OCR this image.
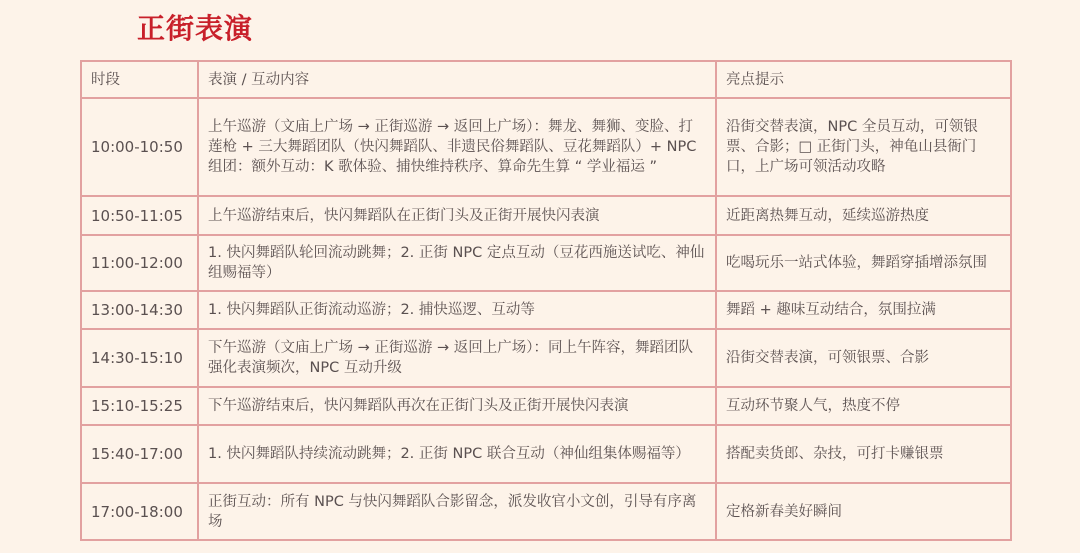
正街表演
时段	表演 / 互动内容	亮点提示
10:00-10:50	上午巡游（文庙上广场 → 正街巡游 → 返回上广场）：舞龙、舞狮、变脸、打莲枪 + 三大舞蹈团队（快闪舞蹈队、非遗民俗舞蹈队、豆花舞蹈队）+ NPC 组团：额外互动：K 歌体验、捕快维持秩序、算命先生算 “ 学业福运 ”	沿街交替表演，NPC 全员互动，可领银票、合影；□ 正街门头，神龟山县衙门口，上广场可领活动攻略
10:50-11:05	上午巡游结束后，快闪舞蹈队在正街门头及正街开展快闪表演	近距离热舞互动，延续巡游热度
11:00-12:00	1. 快闪舞蹈队轮回流动跳舞；2. 正街 NPC 定点互动（豆花西施送试吃、神仙组赐福等）	吃喝玩乐一站式体验，舞蹈穿插增添氛围
13:00-14:30	1. 快闪舞蹈队正街流动巡游；2. 捕快巡逻、互动等	舞蹈 + 趣味互动结合，氛围拉满
14:30-15:10	下午巡游（文庙上广场 → 正街巡游 → 返回上广场）：同上午阵容，舞蹈团队强化表演频次，NPC 互动升级	沿街交替表演，可领银票、合影
15:10-15:25	下午巡游结束后，快闪舞蹈队再次在正街门头及正街开展快闪表演	互动环节聚人气，热度不停
15:40-17:00	1. 快闪舞蹈队持续流动跳舞；2. 正街 NPC 联合互动（神仙组集体赐福等）	搭配卖货郎、杂技，可打卡赚银票
17:00-18:00	正街互动：所有 NPC 与快闪舞蹈队合影留念，派发收官小文创，引导有序离场	定格新春美好瞬间
